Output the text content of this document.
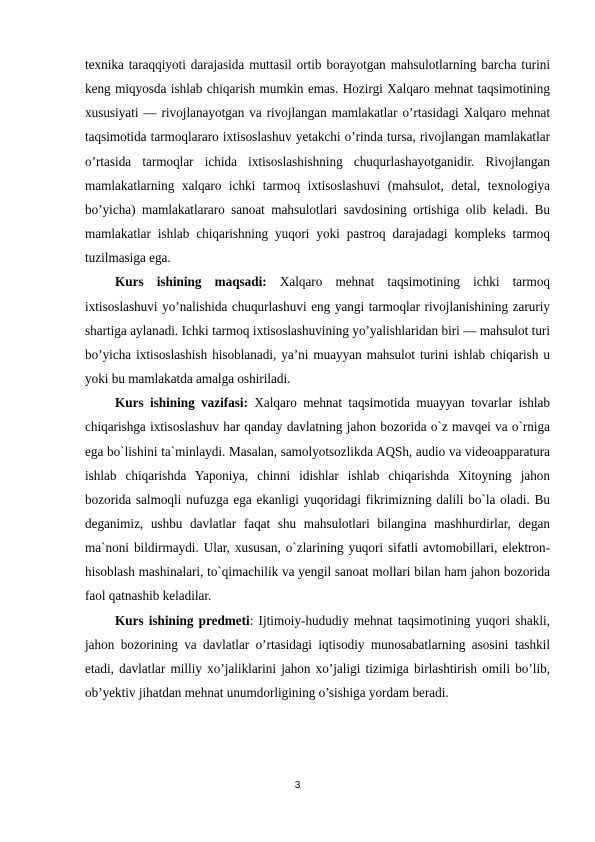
texnika taraqqiyoti darajasida muttasil ortib borayotgan mahsulotlarning barcha turini keng miqyosda ishlab chiqarish mumkin emas. Hozirgi Xalqaro mehnat taqsimotining xususiyati — rivojlanayotgan va rivojlangan mamlakatlar o’rtasidagi Xalqaro mehnat taqsimotida tarmoqlararo ixtisoslashuv yetakchi o’rinda tursa, rivojlangan mamlakatlar o’rtasida tarmoqlar ichida ixtisoslashishning chuqurlashayotganidir. Rivojlangan mamlakatlarning xalqaro ichki tarmoq ixtisoslashuvi (mahsulot, detal, texnologiya bo’yicha) mamlakatlararo sanoat mahsulotlari savdosining ortishiga olib keladi. Bu mamlakatlar ishlab chiqarishning yuqori yoki pastroq darajadagi kompleks tarmoq tuzilmasiga ega.

Kurs ishining maqsadi: Xalqaro mehnat taqsimotining ichki tarmoq ixtisoslashuvi yo’nalishida chuqurlashuvi eng yangi tarmoqlar rivojlanishining zaruriy shartiga aylanadi. Ichki tarmoq ixtisoslashuvining yo’yalishlaridan biri — mahsulot turi bo’yicha ixtisoslashish hisoblanadi, ya’ni muayyan mahsulot turini ishlab chiqarish u yoki bu mamlakatda amalga oshiriladi.

Kurs ishining vazifasi: Xalqaro mehnat taqsimotida muayyan tovarlar ishlab chiqarishga ixtisoslashuv har qanday davlatning jahon bozorida o`z mavqei va o`rniga ega bo`lishini ta`minlaydi. Masalan, samolyotsozlikda AQSh, audio va videoapparatura ishlab chiqarishda Yaponiya, chinni idishlar ishlab chiqarishda Xitoyning jahon bozorida salmoqli nufuzga ega ekanligi yuqoridagi fikrimizning dalili bo`la oladi. Bu deganimiz, ushbu davlatlar faqat shu mahsulotlari bilangina mashhurdirlar, degan ma`noni bildirmaydi. Ular, xususan, o`zlarining yuqori sifatli avtomobillari, elektron-hisoblash mashinalari, to`qimachilik va yengil sanoat mollari bilan ham jahon bozorida faol qatnashib keladilar.

Kurs ishining predmeti: Ijtimoiy-hududiy mehnat taqsimotining yuqori shakli, jahon bozorining va davlatlar o’rtasidagi iqtisodiy munosabatlarning asosini tashkil etadi, davlatlar milliy xo’jaliklarini jahon xo’jaligi tizimiga birlashtirish omili bo’lib, ob’yektiv jihatdan mehnat unumdorligining o’sishiga yordam beradi.

3
